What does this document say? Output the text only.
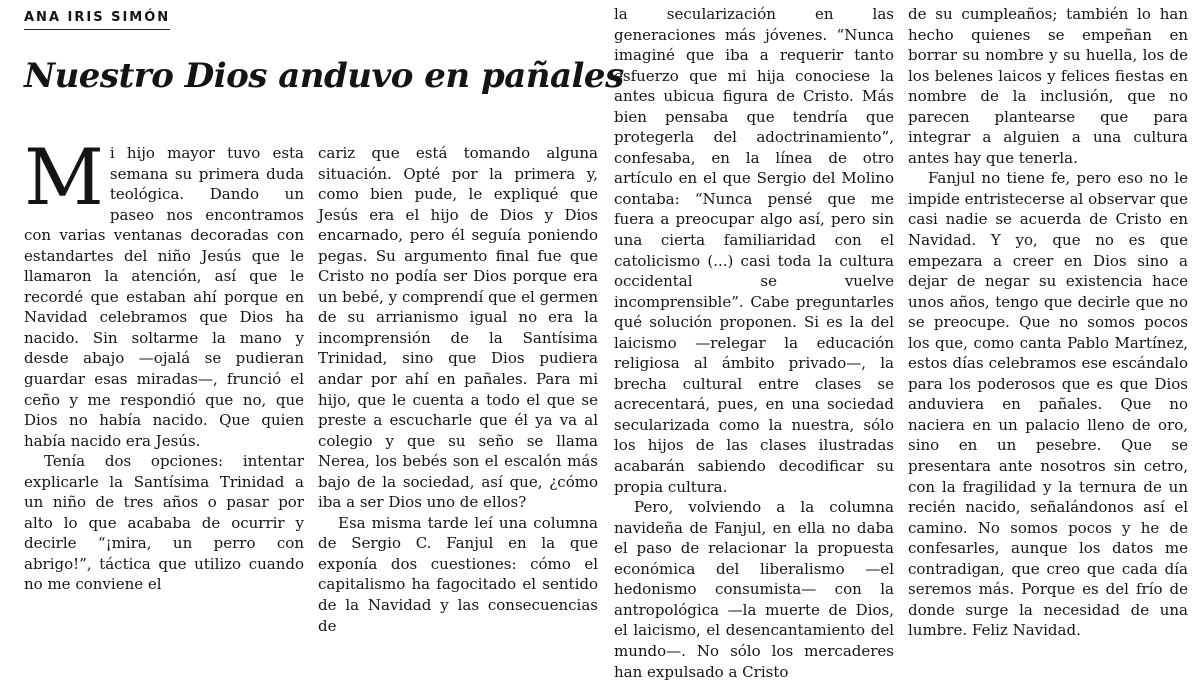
ANA IRIS SIMÓN
Nuestro Dios anduvo en pañales

Mi hijo mayor tuvo esta semana su primera duda teológica. Dando un paseo nos encontramos con varias ventanas decoradas con estandartes del niño Jesús que le llamaron la atención, así que le recordé que estaban ahí porque en Navidad celebramos que Dios ha nacido. Sin soltarme la mano y desde abajo —ojalá se pudieran guardar esas miradas—, frunció el ceño y me respondió que no, que Dios no había nacido. Que quien había nacido era Jesús.

Tenía dos opciones: intentar explicarle la Santísima Trinidad a un niño de tres años o pasar por alto lo que acababa de ocurrir y decirle “¡mira, un perro con abrigo!”, táctica que utilizo cuando no me conviene el

cariz que está tomando alguna situación. Opté por la primera y, como bien pude, le expliqué que Jesús era el hijo de Dios y Dios encarnado, pero él seguía poniendo pegas. Su argumento final fue que Cristo no podía ser Dios porque era un bebé, y comprendí que el germen de su arrianismo igual no era la incomprensión de la Santísima Trinidad, sino que Dios pudiera andar por ahí en pañales. Para mi hijo, que le cuenta a todo el que se preste a escucharle que él ya va al colegio y que su seño se llama Nerea, los bebés son el escalón más bajo de la sociedad, así que, ¿cómo iba a ser Dios uno de ellos?

Esa misma tarde leí una columna de Sergio C. Fanjul en la que exponía dos cuestiones: cómo el capitalismo ha fagocitado el sentido de la Navidad y las consecuencias de

la secularización en las generaciones más jóvenes. “Nunca imaginé que iba a requerir tanto esfuerzo que mi hija conociese la antes ubicua figura de Cristo. Más bien pensaba que tendría que protegerla del adoctrinamiento”, confesaba, en la línea de otro artículo en el que Sergio del Molino contaba: “Nunca pensé que me fuera a preocupar algo así, pero sin una cierta familiaridad con el catolicismo (...) casi toda la cultura occidental se vuelve incomprensible”. Cabe preguntarles qué solución proponen. Si es la del laicismo —relegar la educación religiosa al ámbito privado—, la brecha cultural entre clases se acrecentará, pues, en una sociedad secularizada como la nuestra, sólo los hijos de las clases ilustradas acabarán sabiendo decodificar su propia cultura.

Pero, volviendo a la columna navideña de Fanjul, en ella no daba el paso de relacionar la propuesta económica del liberalismo —el hedonismo consumista— con la antropológica —la muerte de Dios, el laicismo, el desencantamiento del mundo—. No sólo los mercaderes han expulsado a Cristo

de su cumpleaños; también lo han hecho quienes se empeñan en borrar su nombre y su huella, los de los belenes laicos y felices fiestas en nombre de la inclusión, que no parecen plantearse que para integrar a alguien a una cultura antes hay que tenerla.

Fanjul no tiene fe, pero eso no le impide entristecerse al observar que casi nadie se acuerda de Cristo en Navidad. Y yo, que no es que empezara a creer en Dios sino a dejar de negar su existencia hace unos años, tengo que decirle que no se preocupe. Que no somos pocos los que, como canta Pablo Martínez, estos días celebramos ese escándalo para los poderosos que es que Dios anduviera en pañales. Que no naciera en un palacio lleno de oro, sino en un pesebre. Que se presentara ante nosotros sin cetro, con la fragilidad y la ternura de un recién nacido, señalándonos así el camino. No somos pocos y he de confesarles, aunque los datos me contradigan, que creo que cada día seremos más. Porque es del frío de donde surge la necesidad de una lumbre. Feliz Navidad.
